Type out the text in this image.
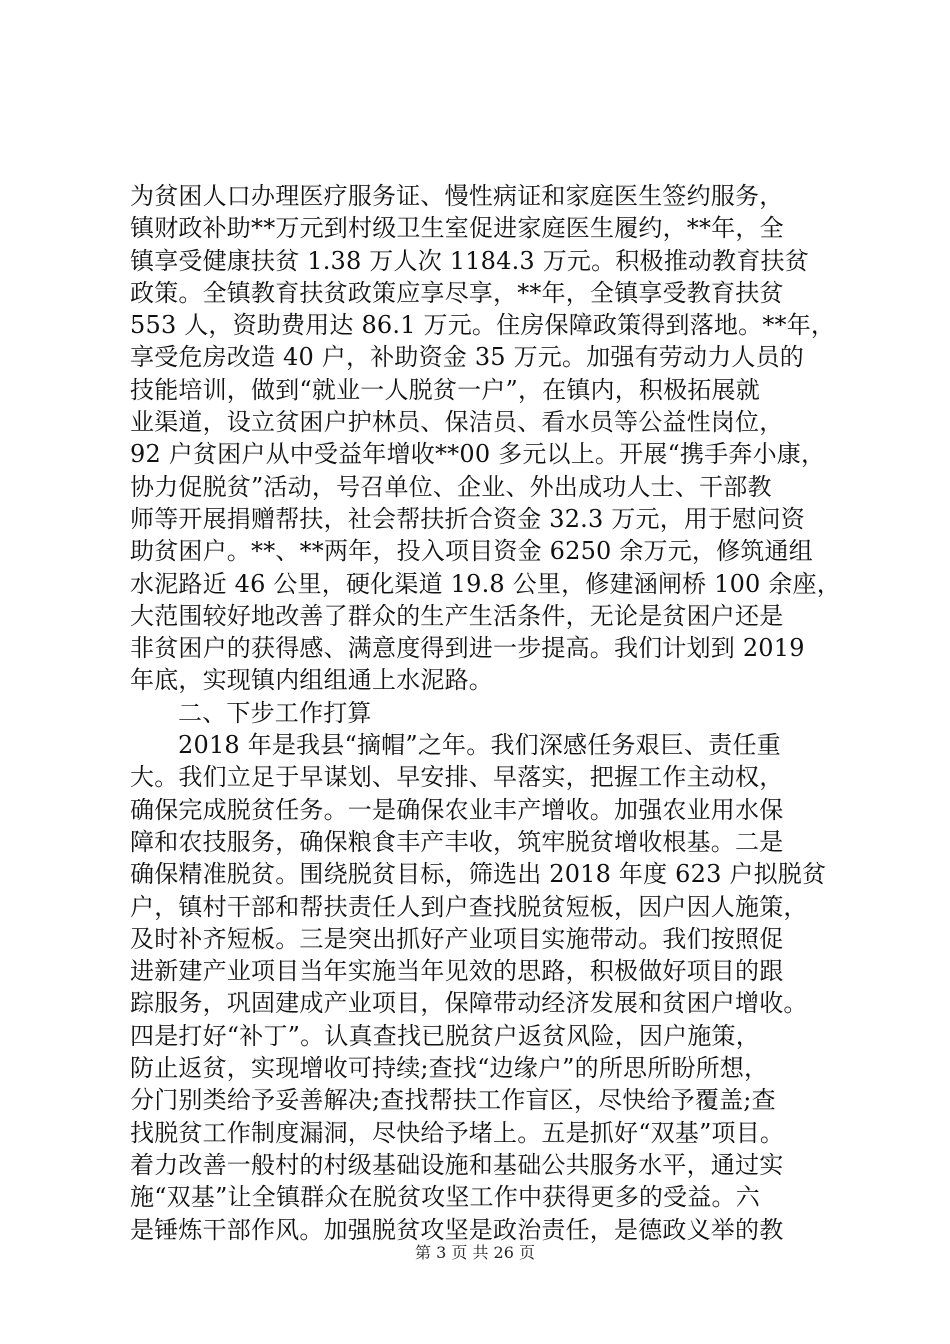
为贫困人口办理医疗服务证、慢性病证和家庭医生签约服务，
镇财政补助**万元到村级卫生室促进家庭医生履约，**年，全
镇享受健康扶贫 1.38 万人次 1184.3 万元。积极推动教育扶贫
政策。全镇教育扶贫政策应享尽享，**年，全镇享受教育扶贫
553 人，资助费用达 86.1 万元。住房保障政策得到落地。**年，
享受危房改造 40 户，补助资金 35 万元。加强有劳动力人员的
技能培训，做到“就业一人脱贫一户”，在镇内，积极拓展就
业渠道，设立贫困户护林员、保洁员、看水员等公益性岗位，
92 户贫困户从中受益年增收**00 多元以上。开展“携手奔小康，
协力促脱贫”活动，号召单位、企业、外出成功人士、干部教
师等开展捐赠帮扶，社会帮扶折合资金 32.3 万元，用于慰问资
助贫困户。**、**两年，投入项目资金 6250 余万元，修筑通组
水泥路近 46 公里，硬化渠道 19.8 公里，修建涵闸桥 100 余座，
大范围较好地改善了群众的生产生活条件，无论是贫困户还是
非贫困户的获得感、满意度得到进一步提高。我们计划到 2019
年底，实现镇内组组通上水泥路。
二、下步工作打算
2018 年是我县“摘帽”之年。我们深感任务艰巨、责任重
大。我们立足于早谋划、早安排、早落实，把握工作主动权，
确保完成脱贫任务。一是确保农业丰产增收。加强农业用水保
障和农技服务，确保粮食丰产丰收，筑牢脱贫增收根基。二是
确保精准脱贫。围绕脱贫目标，筛选出 2018 年度 623 户拟脱贫
户，镇村干部和帮扶责任人到户查找脱贫短板，因户因人施策，
及时补齐短板。三是突出抓好产业项目实施带动。我们按照促
进新建产业项目当年实施当年见效的思路，积极做好项目的跟
踪服务，巩固建成产业项目，保障带动经济发展和贫困户增收。
四是打好“补丁”。认真查找已脱贫户返贫风险，因户施策，
防止返贫，实现增收可持续;查找“边缘户”的所思所盼所想，
分门别类给予妥善解决;查找帮扶工作盲区，尽快给予覆盖;查
找脱贫工作制度漏洞，尽快给予堵上。五是抓好“双基”项目。
着力改善一般村的村级基础设施和基础公共服务水平，通过实
施“双基”让全镇群众在脱贫攻坚工作中获得更多的受益。六
是锤炼干部作风。加强脱贫攻坚是政治责任，是德政义举的教
第 3 页 共 26 页
